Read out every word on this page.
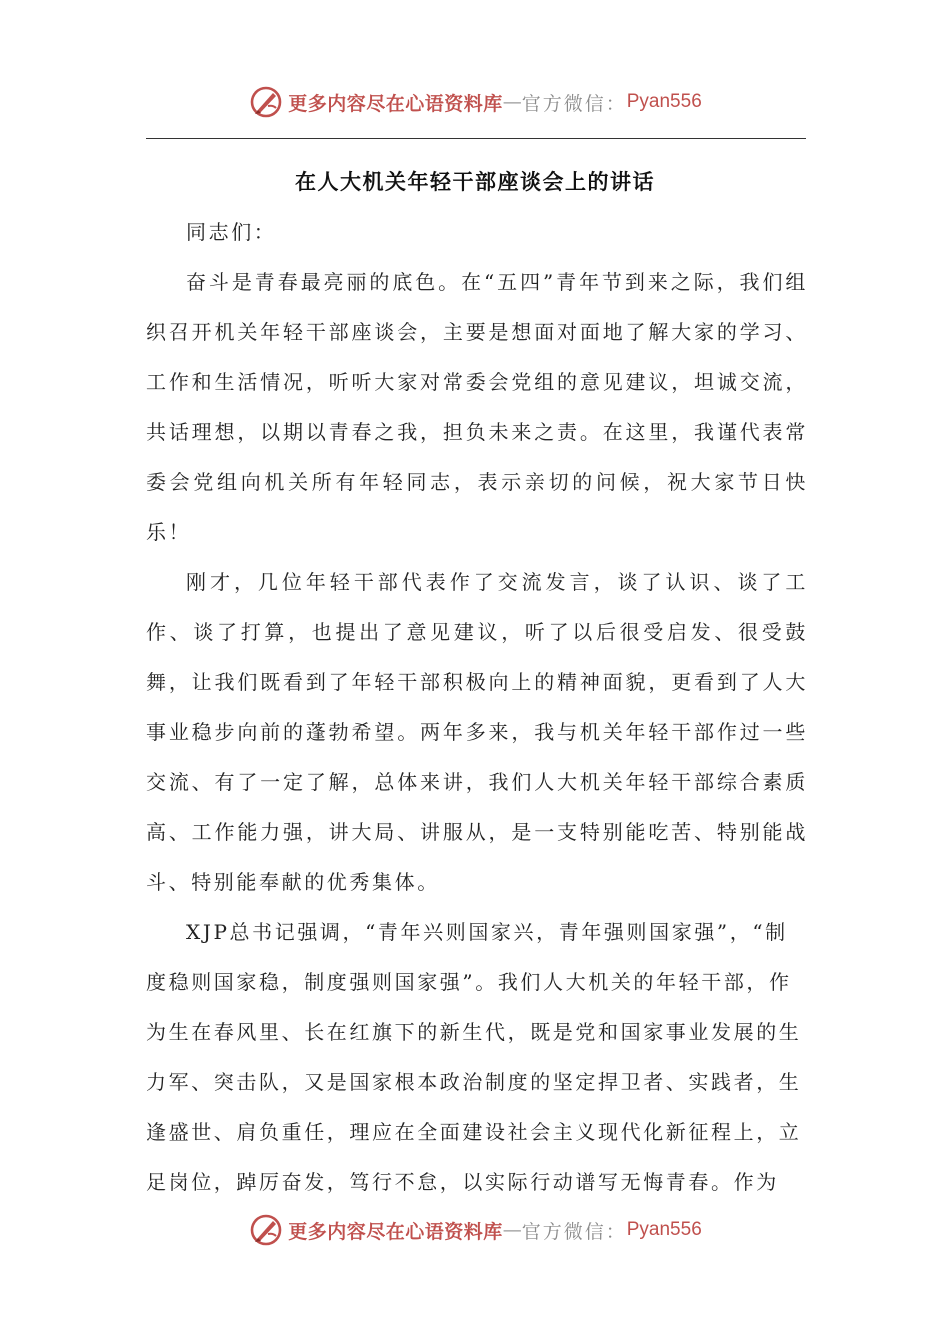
更多内容尽在心语资料库 — 官方微信： Pyan556
在人大机关年轻干部座谈会上的讲话

同志们：

奋斗是青春最亮丽的底色。在“五四”青年节到来之际，我们组织召开机关年轻干部座谈会，主要是想面对面地了解大家的学习、工作和生活情况，听听大家对常委会党组的意见建议，坦诚交流，共话理想，以期以青春之我，担负未来之责。在这里，我谨代表常委会党组向机关所有年轻同志，表示亲切的问候，祝大家节日快乐！

刚才，几位年轻干部代表作了交流发言，谈了认识、谈了工作、谈了打算，也提出了意见建议，听了以后很受启发、很受鼓舞，让我们既看到了年轻干部积极向上的精神面貌，更看到了人大事业稳步向前的蓬勃希望。两年多来，我与机关年轻干部作过一些交流、有了一定了解，总体来讲，我们人大机关年轻干部综合素质高、工作能力强，讲大局、讲服从，是一支特别能吃苦、特别能战斗、特别能奉献的优秀集体。

XJP总书记强调，“青年兴则国家兴，青年强则国家强”，“制度稳则国家稳，制度强则国家强”。我们人大机关的年轻干部，作为生在春风里、长在红旗下的新生代，既是党和国家事业发展的生力军、突击队，又是国家根本政治制度的坚定捍卫者、实践者，生逢盛世、肩负重任，理应在全面建设社会主义现代化新征程上，立足岗位，踔厉奋发，笃行不怠，以实际行动谱写无悔青春。作为

更多内容尽在心语资料库 — 官方微信： Pyan556
